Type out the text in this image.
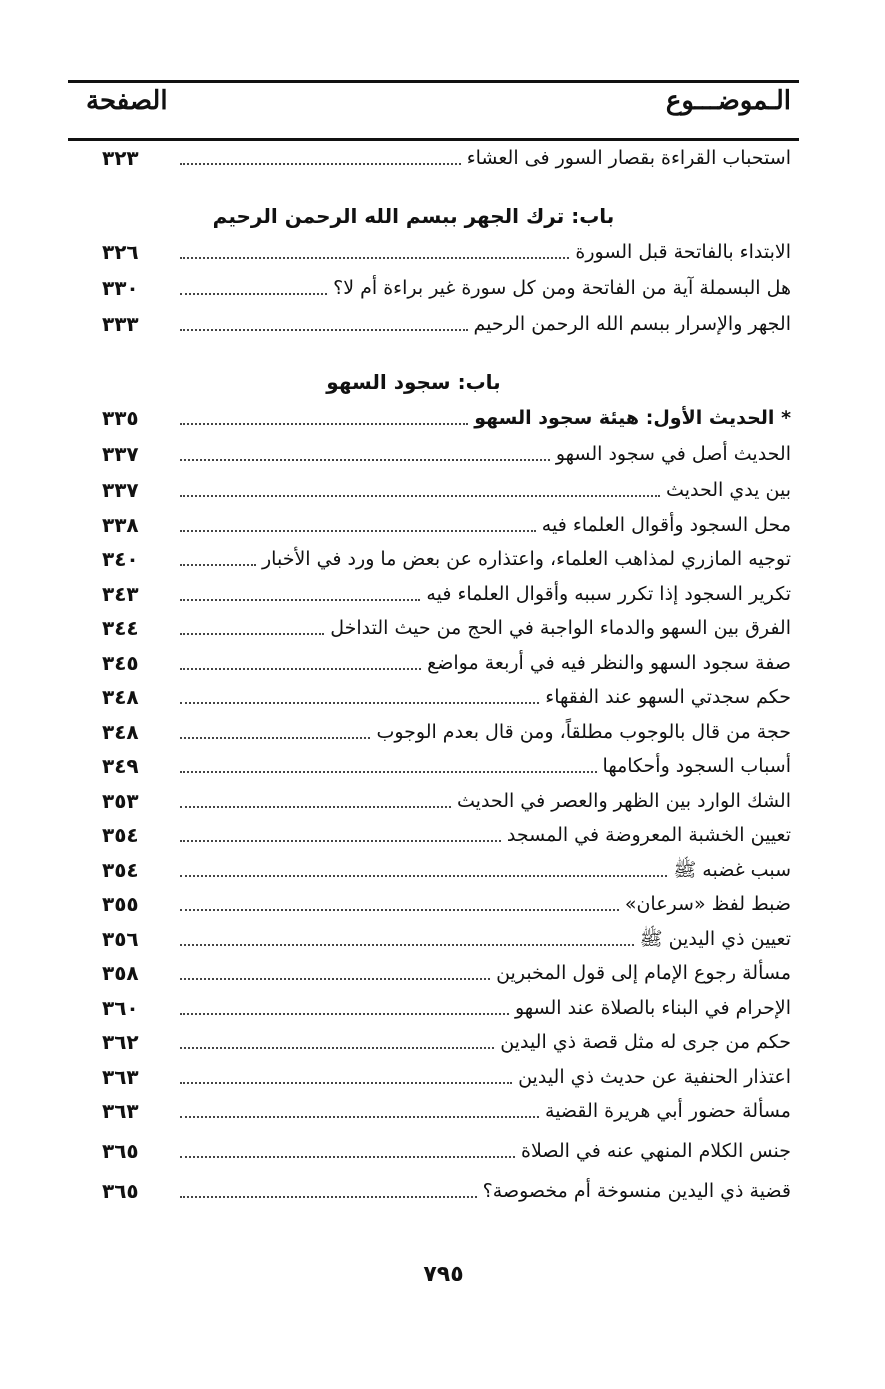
الـموضـــوع
الصفحة
استحباب القراءة بقصار السور فى العشاء
٣٢٣
باب: ترك الجهر ببسم الله الرحمن الرحيم
الابتداء بالفاتحة قبل السورة
٣٢٦
هل البسملة آية من الفاتحة ومن كل سورة غير براءة أم لا؟
٣٣٠
الجهر والإسرار ببسم الله الرحمن الرحيم
٣٣٣
باب: سجود السهو
* الحديث الأول: هيئة سجود السهو
٣٣٥
الحديث أصل في سجود السهو
٣٣٧
بين يدي الحديث
٣٣٧
محل السجود وأقوال العلماء فيه
٣٣٨
توجيه المازري لمذاهب العلماء، واعتذاره عن بعض ما ورد في الأخبار
٣٤٠
تكرير السجود إذا تكرر سببه وأقوال العلماء فيه
٣٤٣
الفرق بين السهو والدماء الواجبة في الحج من حيث التداخل
٣٤٤
صفة سجود السهو والنظر فيه في أربعة مواضع
٣٤٥
حكم سجدتي السهو عند الفقهاء
٣٤٨
حجة من قال بالوجوب مطلقاً، ومن قال بعدم الوجوب
٣٤٨
أسباب السجود وأحكامها
٣٤٩
الشك الوارد بين الظهر والعصر في الحديث
٣٥٣
تعيين الخشبة المعروضة في المسجد
٣٥٤
سبب غضبه ﷺ
٣٥٤
ضبط لفظ «سرعان»
٣٥٥
تعيين ذي اليدين ﷺ
٣٥٦
مسألة رجوع الإمام إلى قول المخبرين
٣٥٨
الإحرام في البناء بالصلاة عند السهو
٣٦٠
حكم من جرى له مثل قصة ذي اليدين
٣٦٢
اعتذار الحنفية عن حديث ذي اليدين
٣٦٣
مسألة حضور أبي هريرة القضية
٣٦٣
جنس الكلام المنهي عنه في الصلاة
٣٦٥
قضية ذي اليدين منسوخة أم مخصوصة؟
٣٦٥
٧٩٥
